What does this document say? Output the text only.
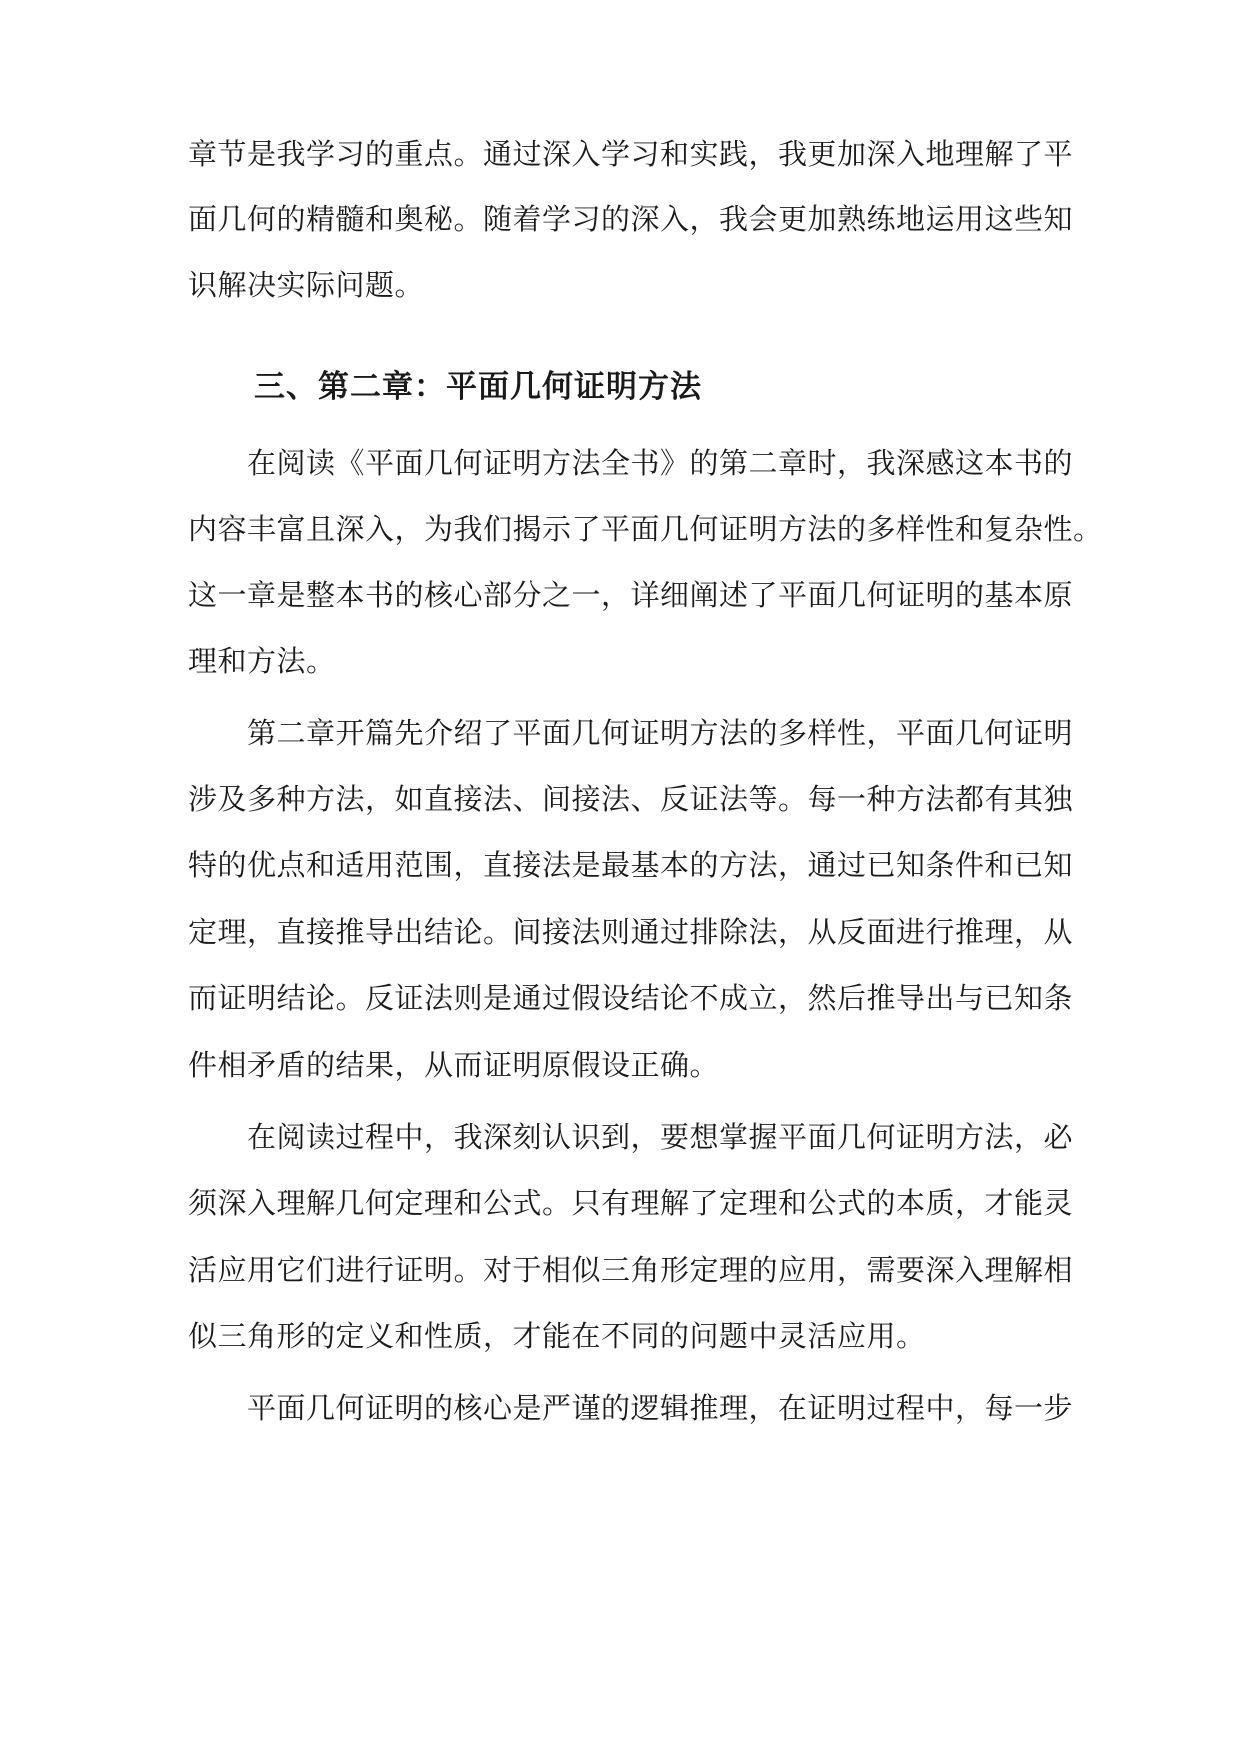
章节是我学习的重点。通过深入学习和实践，我更加深入地理解了平
面几何的精髓和奥秘。随着学习的深入，我会更加熟练地运用这些知
识解决实际问题。
三、第二章：平面几何证明方法
在阅读《平面几何证明方法全书》的第二章时，我深感这本书的
内容丰富且深入，为我们揭示了平面几何证明方法的多样性和复杂性。
这一章是整本书的核心部分之一，详细阐述了平面几何证明的基本原
理和方法。
第二章开篇先介绍了平面几何证明方法的多样性，平面几何证明
涉及多种方法，如直接法、间接法、反证法等。每一种方法都有其独
特的优点和适用范围，直接法是最基本的方法，通过已知条件和已知
定理，直接推导出结论。间接法则通过排除法，从反面进行推理，从
而证明结论。反证法则是通过假设结论不成立，然后推导出与已知条
件相矛盾的结果，从而证明原假设正确。
在阅读过程中，我深刻认识到，要想掌握平面几何证明方法，必
须深入理解几何定理和公式。只有理解了定理和公式的本质，才能灵
活应用它们进行证明。对于相似三角形定理的应用，需要深入理解相
似三角形的定义和性质，才能在不同的问题中灵活应用。
平面几何证明的核心是严谨的逻辑推理，在证明过程中，每一步
